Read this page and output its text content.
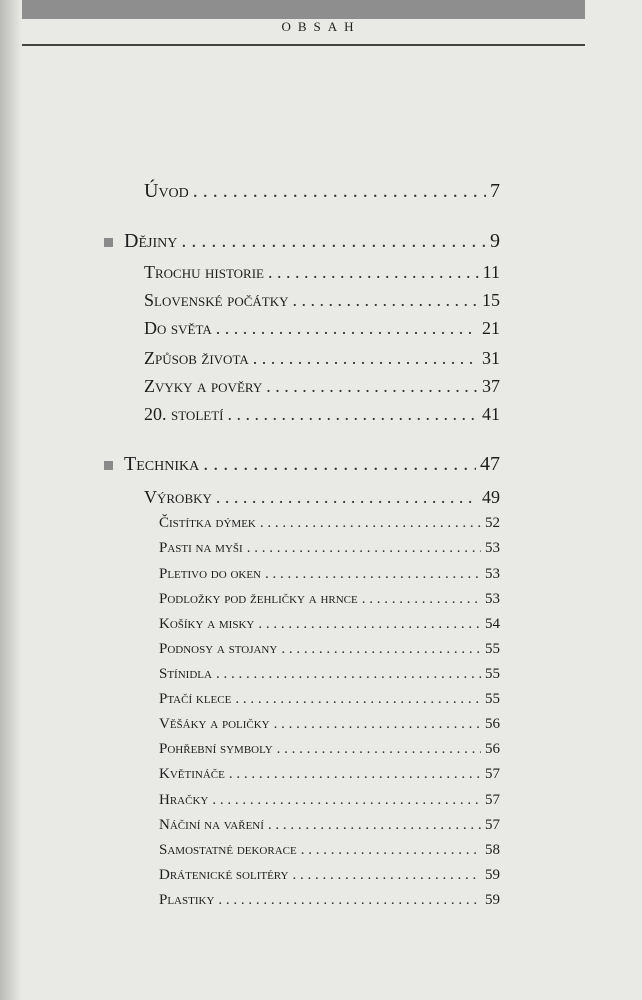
OBSAH
Úvod . . .	7
Dějiny . . .	9
Trochu historie . . .	11
Slovenské počátky . . .	15
Do světa . . .	21
Způsob života . . .	31
Zvyky a pověry . . .	37
20. století . . .	41
Technika . . .	47
Výrobky . . .	49
Čistítka dýmek . . .	52
Pasti na myši . . .	53
Pletivo do oken . . .	53
Podložky pod žehličky a hrnce . . .	53
Košíky a misky . . .	54
Podnosy a stojany . . .	55
Stínidla . . .	55
Ptačí klece . . .	55
Věšáky a poličky . . .	56
Pohřební symboly . . .	56
Květináče . . .	57
Hračky . . .	57
Náčiní na vaření . . .	57
Samostatné dekorace . . .	58
Drátenické solitéry . . .	59
Plastiky . . .	59
